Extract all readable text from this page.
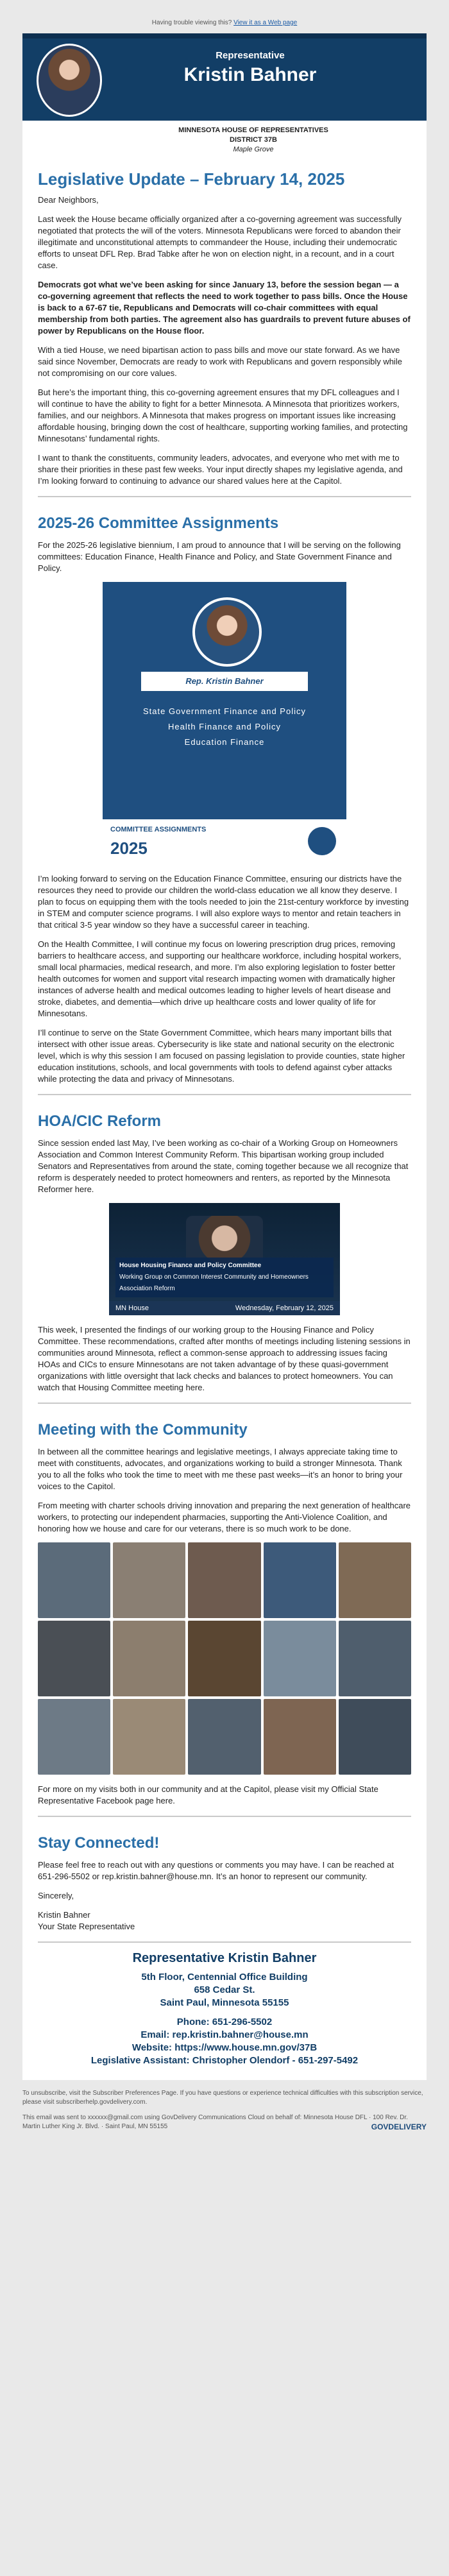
Having trouble viewing this? View it as a Web page
Representative
Kristin Bahner
MINNESOTA HOUSE OF REPRESENTATIVES
DISTRICT 37B
Maple Grove
Legislative Update – February 14, 2025

Dear Neighbors,

Last week the House became officially organized after a co-governing agreement was successfully negotiated that protects the will of the voters. Minnesota Republicans were forced to abandon their illegitimate and unconstitutional attempts to commandeer the House, including their undemocratic efforts to unseat DFL Rep. Brad Tabke after he won on election night, in a recount, and in a court case.

Democrats got what we’ve been asking for since January 13, before the session began — a co-governing agreement that reflects the need to work together to pass bills. Once the House is back to a 67-67 tie, Republicans and Democrats will co-chair committees with equal membership from both parties. The agreement also has guardrails to prevent future abuses of power by Republicans on the House floor.

With a tied House, we need bipartisan action to pass bills and move our state forward. As we have said since November, Democrats are ready to work with Republicans and govern responsibly while not compromising on our core values.

But here’s the important thing, this co-governing agreement ensures that my DFL colleagues and I will continue to have the ability to fight for a better Minnesota. A Minnesota that prioritizes workers, families, and our neighbors. A Minnesota that makes progress on important issues like increasing affordable housing, bringing down the cost of healthcare, supporting working families, and protecting Minnesotans’ fundamental rights.

I want to thank the constituents, community leaders, advocates, and everyone who met with me to share their priorities in these past few weeks. Your input directly shapes my legislative agenda, and I’m looking forward to continuing to advance our shared values here at the Capitol.

2025-26 Committee Assignments

For the 2025-26 legislative biennium, I am proud to announce that I will be serving on the following committees: Education Finance, Health Finance and Policy, and State Government Finance and Policy.

Rep. Kristin Bahner
State Government Finance and Policy
Health Finance and Policy
Education Finance
COMMITTEE ASSIGNMENTS
2025

I’m looking forward to serving on the Education Finance Committee, ensuring our districts have the resources they need to provide our children the world-class education we all know they deserve. I plan to focus on equipping them with the tools needed to join the 21st-century workforce by investing in STEM and computer science programs. I will also explore ways to mentor and retain teachers in that critical 3-5 year window so they have a successful career in teaching.

On the Health Committee, I will continue my focus on lowering prescription drug prices, removing barriers to healthcare access, and supporting our healthcare workforce, including hospital workers, small local pharmacies, medical research, and more. I’m also exploring legislation to foster better health outcomes for women and support vital research impacting women with dramatically higher instances of adverse health and medical outcomes leading to higher levels of heart disease and stroke, diabetes, and dementia—which drive up healthcare costs and lower quality of life for Minnesotans.

I’ll continue to serve on the State Government Committee, which hears many important bills that intersect with other issue areas. Cybersecurity is like state and national security on the electronic level, which is why this session I am focused on passing legislation to provide counties, state higher education institutions, schools, and local governments with tools to defend against cyber attacks while protecting the data and privacy of Minnesotans.

HOA/CIC Reform

Since session ended last May, I’ve been working as co-chair of a Working Group on Homeowners Association and Common Interest Community Reform. This bipartisan working group included Senators and Representatives from around the state, coming together because we all recognize that reform is desperately needed to protect homeowners and renters, as reported by the Minnesota Reformer here.

House Housing Finance and Policy Committee
Working Group on Common Interest Community and Homeowners Association Reform
MN House	Wednesday, February 12, 2025

This week, I presented the findings of our working group to the Housing Finance and Policy Committee. These recommendations, crafted after months of meetings including listening sessions in communities around Minnesota, reflect a common-sense approach to addressing issues facing HOAs and CICs to ensure Minnesotans are not taken advantage of by these quasi-government organizations with little oversight that lack checks and balances to protect homeowners. You can watch that Housing Committee meeting here.

Meeting with the Community

In between all the committee hearings and legislative meetings, I always appreciate taking time to meet with constituents, advocates, and organizations working to build a stronger Minnesota. Thank you to all the folks who took the time to meet with me these past weeks—it’s an honor to bring your voices to the Capitol.

From meeting with charter schools driving innovation and preparing the next generation of healthcare workers, to protecting our independent pharmacies, supporting the Anti-Violence Coalition, and honoring how we house and care for our veterans, there is so much work to be done.

For more on my visits both in our community and at the Capitol, please visit my Official State Representative Facebook page here.

Stay Connected!

Please feel free to reach out with any questions or comments you may have. I can be reached at 651-296-5502 or rep.kristin.bahner@house.mn. It’s an honor to represent our community.

Sincerely,

Kristin Bahner

Your State Representative

Representative Kristin Bahner
5th Floor, Centennial Office Building
658 Cedar St.
Saint Paul, Minnesota 55155
Phone: 651-296-5502
Email: rep.kristin.bahner@house.mn
Website: https://www.house.mn.gov/37B
Legislative Assistant: Christopher Olendorf - 651-297-5492
To unsubscribe, visit the Subscriber Preferences Page. If you have questions or experience technical difficulties with this subscription service, please visit subscriberhelp.govdelivery.com.
This email was sent to xxxxxx@gmail.com using GovDelivery Communications Cloud on behalf of: Minnesota House DFL · 100 Rev. Dr. Martin Luther King Jr. Blvd. · Saint Paul, MN 55155	GOVDELIVERY
